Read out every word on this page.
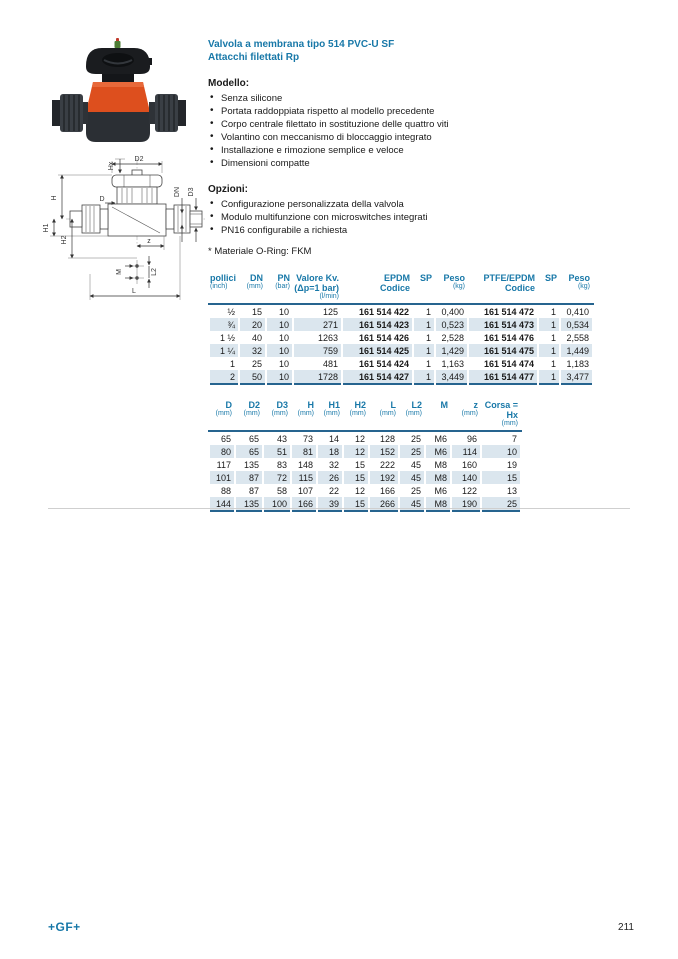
Hx
D2
D
H
DN D3
H1
H2	z
M	L2
L
Valvola a membrana tipo 514 PVC-U SF
Attacchi filettati Rp
Modello:
• Senza silicone
• Portata raddoppiata rispetto al modello precedente
• Corpo centrale filettato in sostituzione delle quattro viti
• Volantino con meccanismo di bloccaggio integrato
• Installazione e rimozione semplice e veloce
• Dimensioni compatte
Opzioni:
• Configurazione personalizzata della valvola
• Modulo multifunzione con microswitches integrati
• PN16 configurabile a richiesta
* Materiale O-Ring: FKM
pollici
(inch)

DN
(mm)

PN
(bar)

Valore Kv.
(Δp=1 bar)
(l/min)

EPDM
Codice

SP	Peso
(kg)

PTFE/EPDM
Codice

SP	Peso
(kg)

½	15	10	125	161 514 422	1	0,400	161 514 472	1	0,410
¾	20	10	271	161 514 423	1	0,523	161 514 473	1	0,534
1 ½	40	10	1263	161 514 426	1	2,528	161 514 476	1	2,558
1 ¼	32	10	759	161 514 425	1	1,429	161 514 475	1	1,449
1	25	10	481	161 514 424	1	1,163	161 514 474	1	1,183
2	50	10	1728	161 514 427	1	3,449	161 514 477	1	3,477
D
(mm)

D2
(mm)

D3
(mm)

H
(mm)

H1
(mm)

H2
(mm)

L
(mm)

L2
(mm)

M	z
(mm)

Corsa =
Hx
(mm)

65	65	43	73	14	12	128	25	M6	96	7
80	65	51	81	18	12	152	25	M6	114	10
117	135	83	148	32	15	222	45	M8	160	19
101	87	72	115	26	15	192	45	M8	140	15
88	87	58	107	22	12	166	25	M6	122	13
144	135	100	166	39	15	266	45	M8	190	25
+GF+	211
